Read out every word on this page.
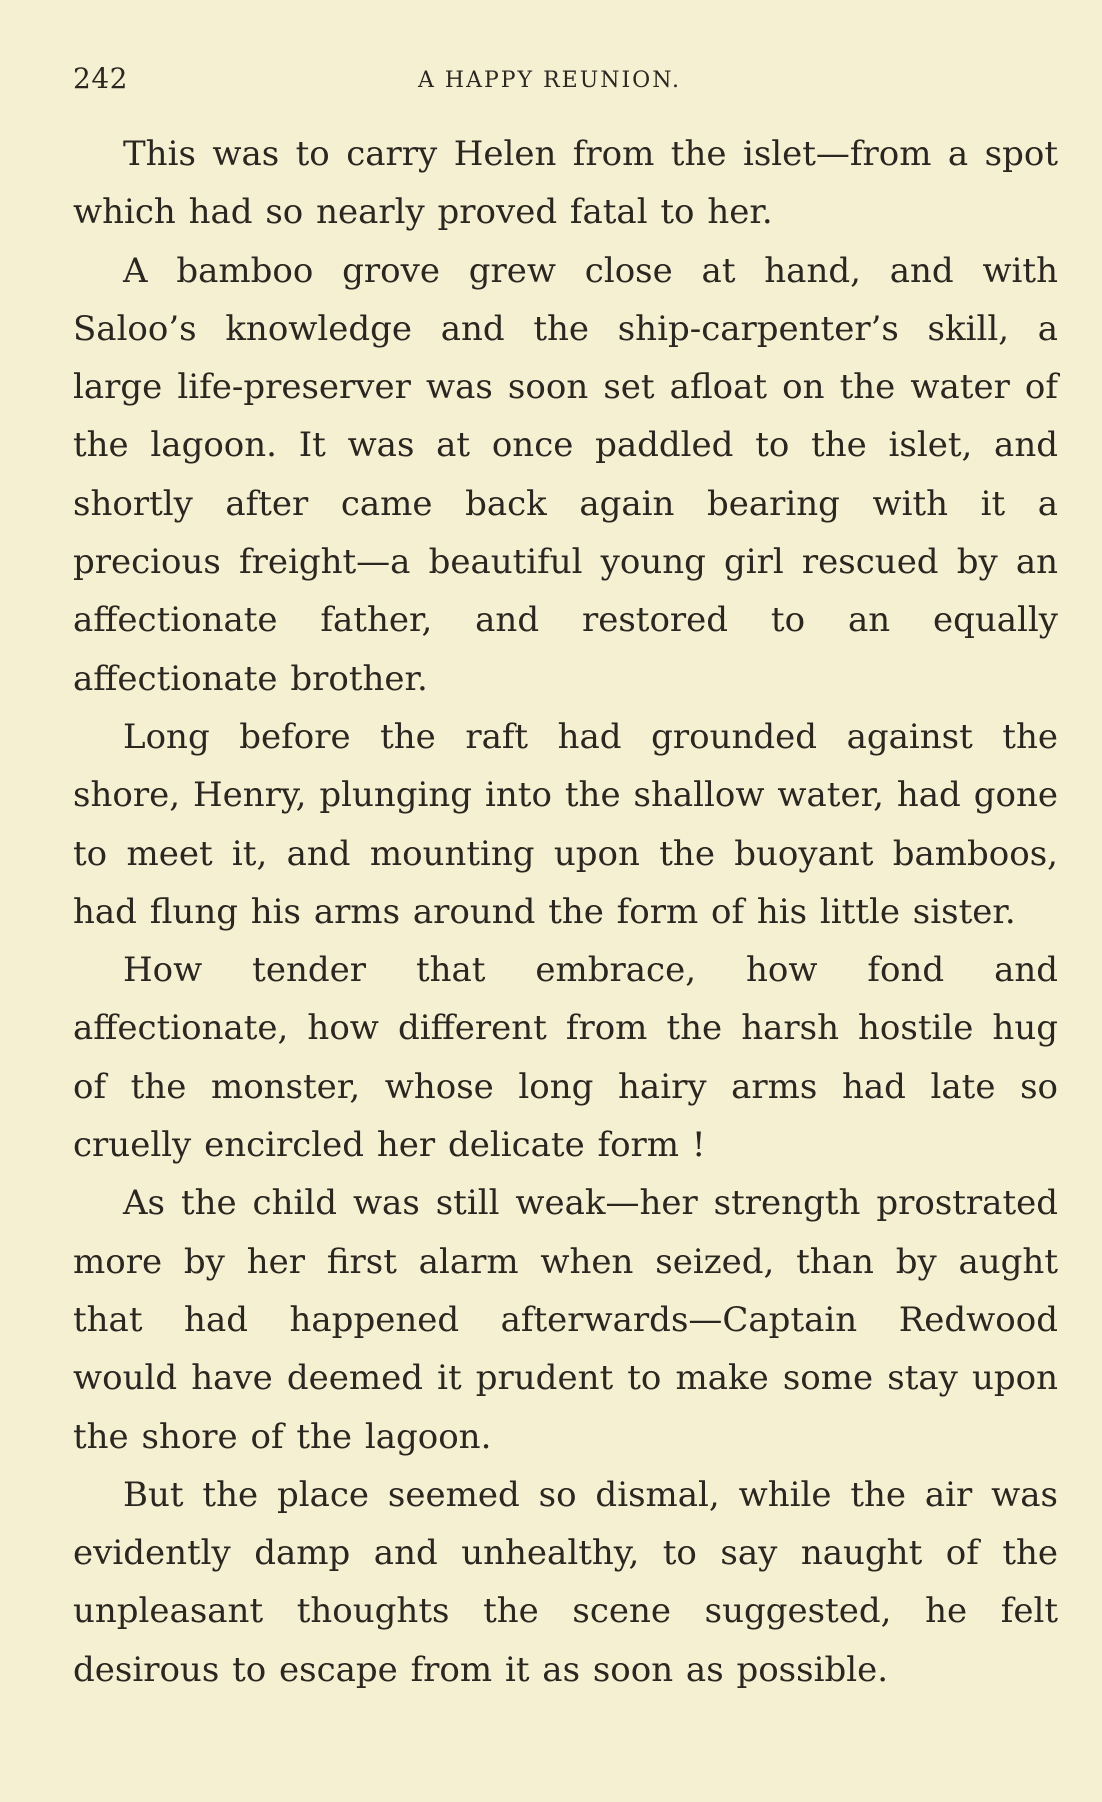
242	A HAPPY REUNION.

This was to carry Helen from the islet—from a spot which had so nearly proved fatal to her.

A bamboo grove grew close at hand, and with Saloo’s knowledge and the ship-carpenter’s skill, a large life-preserver was soon set afloat on the water of the lagoon. It was at once paddled to the islet, and shortly after came back again bearing with it a precious freight—a beautiful young girl rescued by an affectionate father, and restored to an equally affectionate brother.

Long before the raft had grounded against the shore, Henry, plunging into the shallow water, had gone to meet it, and mounting upon the buoyant bamboos, had flung his arms around the form of his little sister.

How tender that embrace, how fond and affectionate, how different from the harsh hostile hug of the monster, whose long hairy arms had late so cruelly encircled her delicate form !

As the child was still weak—her strength prostrated more by her first alarm when seized, than by aught that had happened afterwards—Captain Redwood would have deemed it prudent to make some stay upon the shore of the lagoon.

But the place seemed so dismal, while the air was evidently damp and unhealthy, to say naught of the unpleasant thoughts the scene suggested, he felt desirous to escape from it as soon as possible.
